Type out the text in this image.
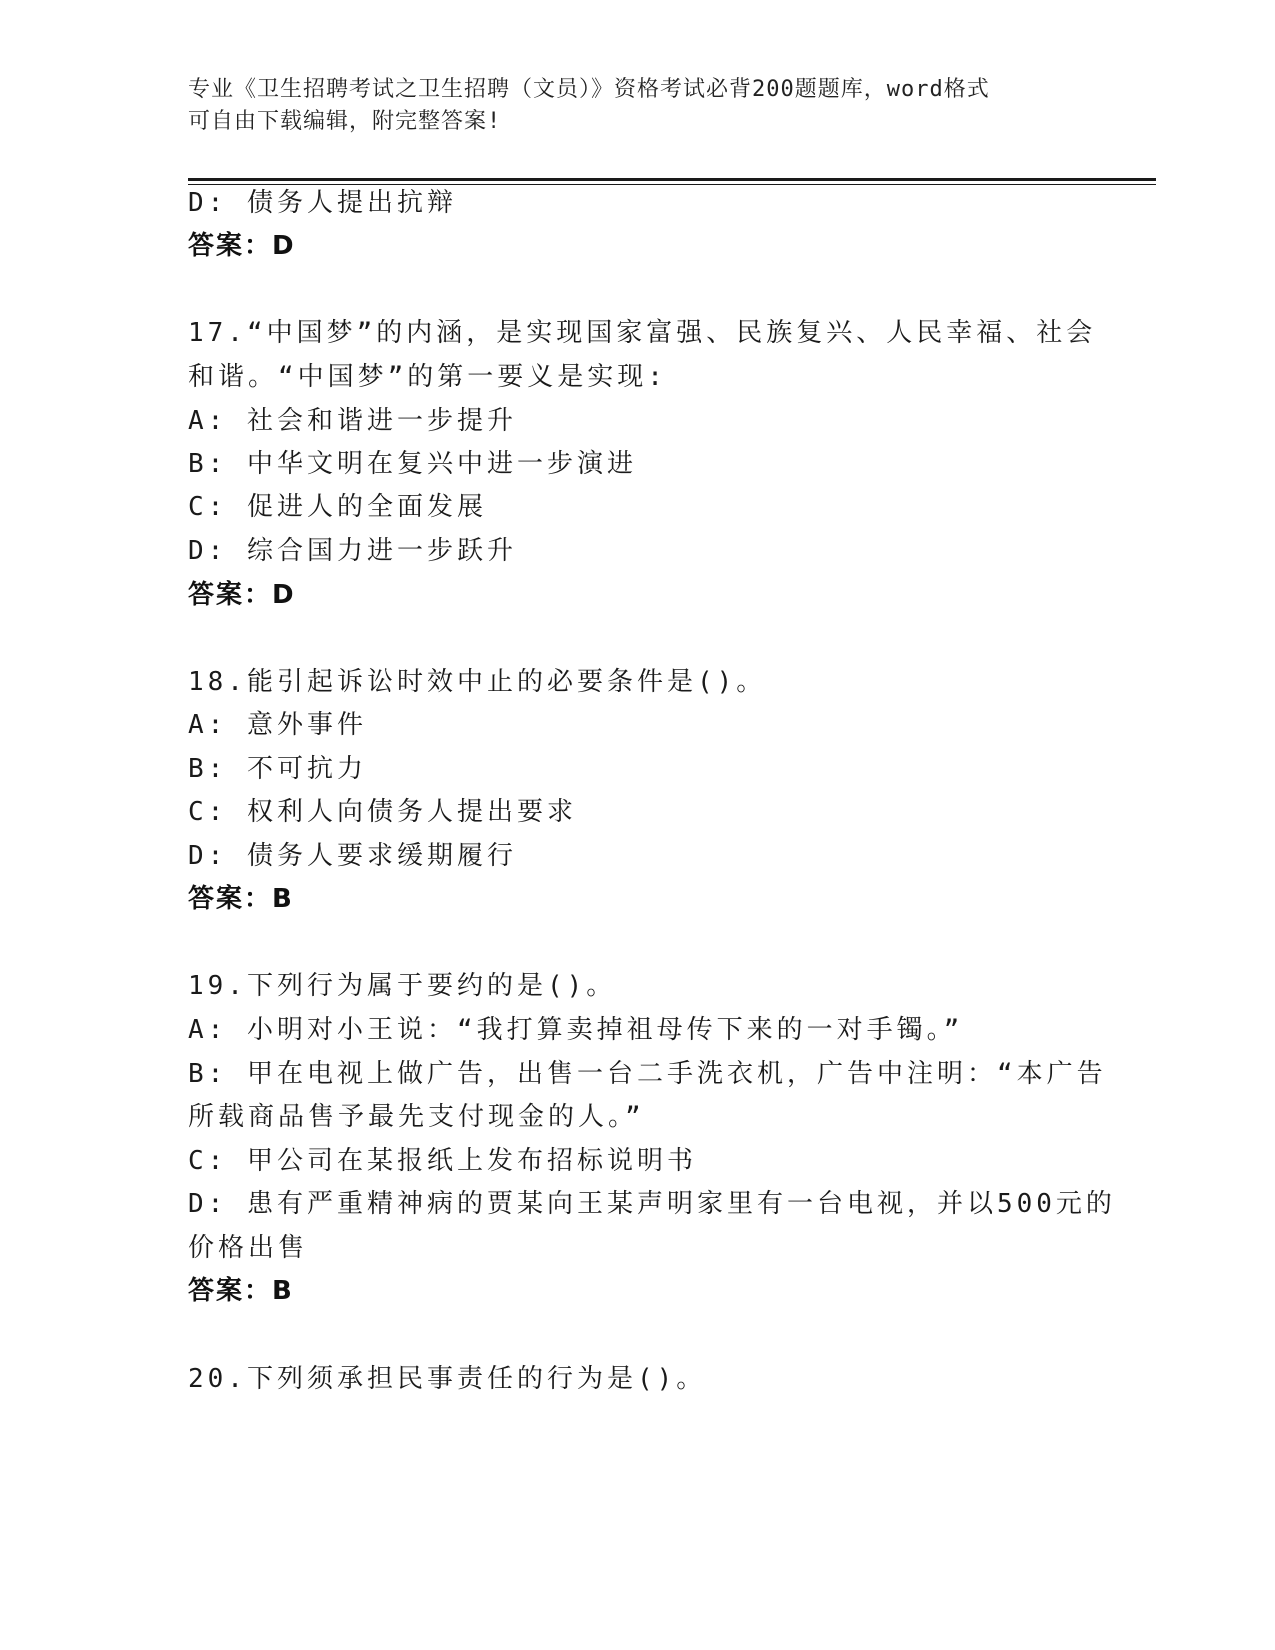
专业《卫生招聘考试之卫生招聘（文员）》资格考试必背200题题库，word格式
可自由下载编辑，附完整答案!
D: 债务人提出抗辩
答案：D
17.“中国梦”的内涵，是实现国家富强、民族复兴、人民幸福、社会
和谐。“中国梦”的第一要义是实现:
A: 社会和谐进一步提升
B: 中华文明在复兴中进一步演进
C: 促进人的全面发展
D: 综合国力进一步跃升
答案：D
18.能引起诉讼时效中止的必要条件是()。
A: 意外事件
B: 不可抗力
C: 权利人向债务人提出要求
D: 债务人要求缓期履行
答案：B
19.下列行为属于要约的是()。
A: 小明对小王说：“我打算卖掉祖母传下来的一对手镯。”
B: 甲在电视上做广告，出售一台二手洗衣机，广告中注明：“本广告
所载商品售予最先支付现金的人。”
C: 甲公司在某报纸上发布招标说明书
D: 患有严重精神病的贾某向王某声明家里有一台电视，并以500元的
价格出售
答案：B
20.下列须承担民事责任的行为是()。
